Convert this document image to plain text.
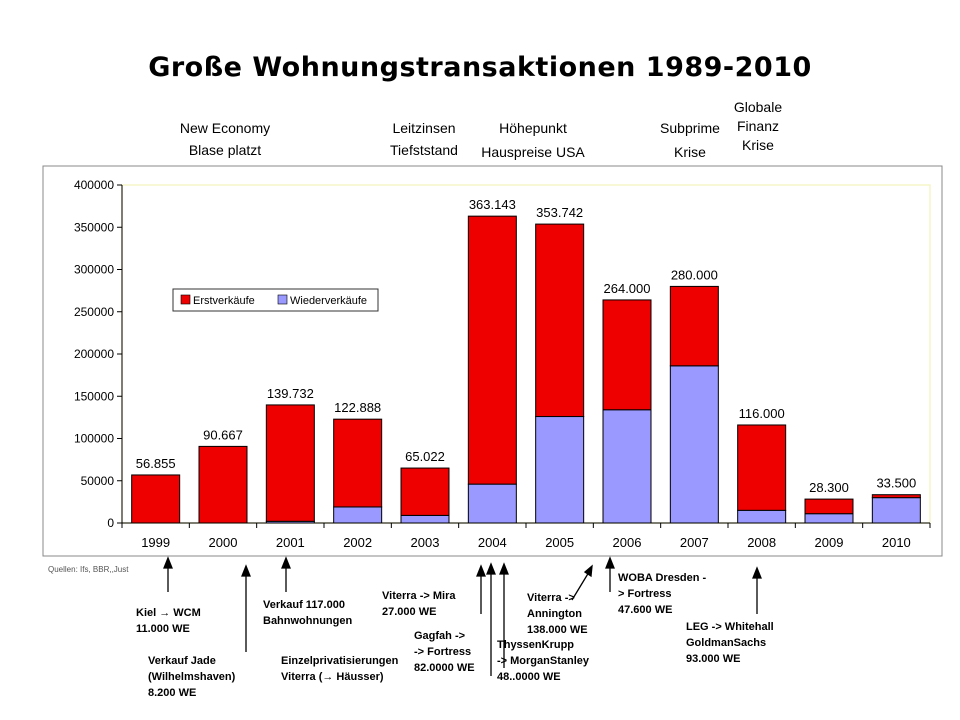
Große Wohnungstransaktionen 1989-2010
New Economy
Blase platzt
Leitzinsen
Tiefststand
Höhepunkt
Hauspreise USA
Subprime
Krise
Globale
Finanz
Krise
0
50000
100000
150000
200000
250000
300000
350000
400000
56.855
90.667
139.732
122.888
65.022
363.143
353.742
264.000
280.000
116.000
28.300 33.500
1999	2000	2001	2002	2003	2004	2005	2006	2007	2008	2009	2010
Erstverkäufe	Wiederverkäufe
Quellen: Ifs, BBR,,Just
Kiel → WCM
11.000 WE
Verkauf Jade
(Wilhelmshaven)
8.200 WE
Verkauf 117.000
Bahnwohnungen
Einzelprivatisierungen
Viterra (→ Häusser)
Viterra -> Mira
27.000 WE
Gagfah ->
-> Fortress
82.0000 WE
ThyssenKrupp
-> MorganStanley
48..0000 WE
Viterra ->
Annington
138.000 WE
WOBA Dresden -
> Fortress
47.600 WE
LEG -> Whitehall
GoldmanSachs
93.000 WE
